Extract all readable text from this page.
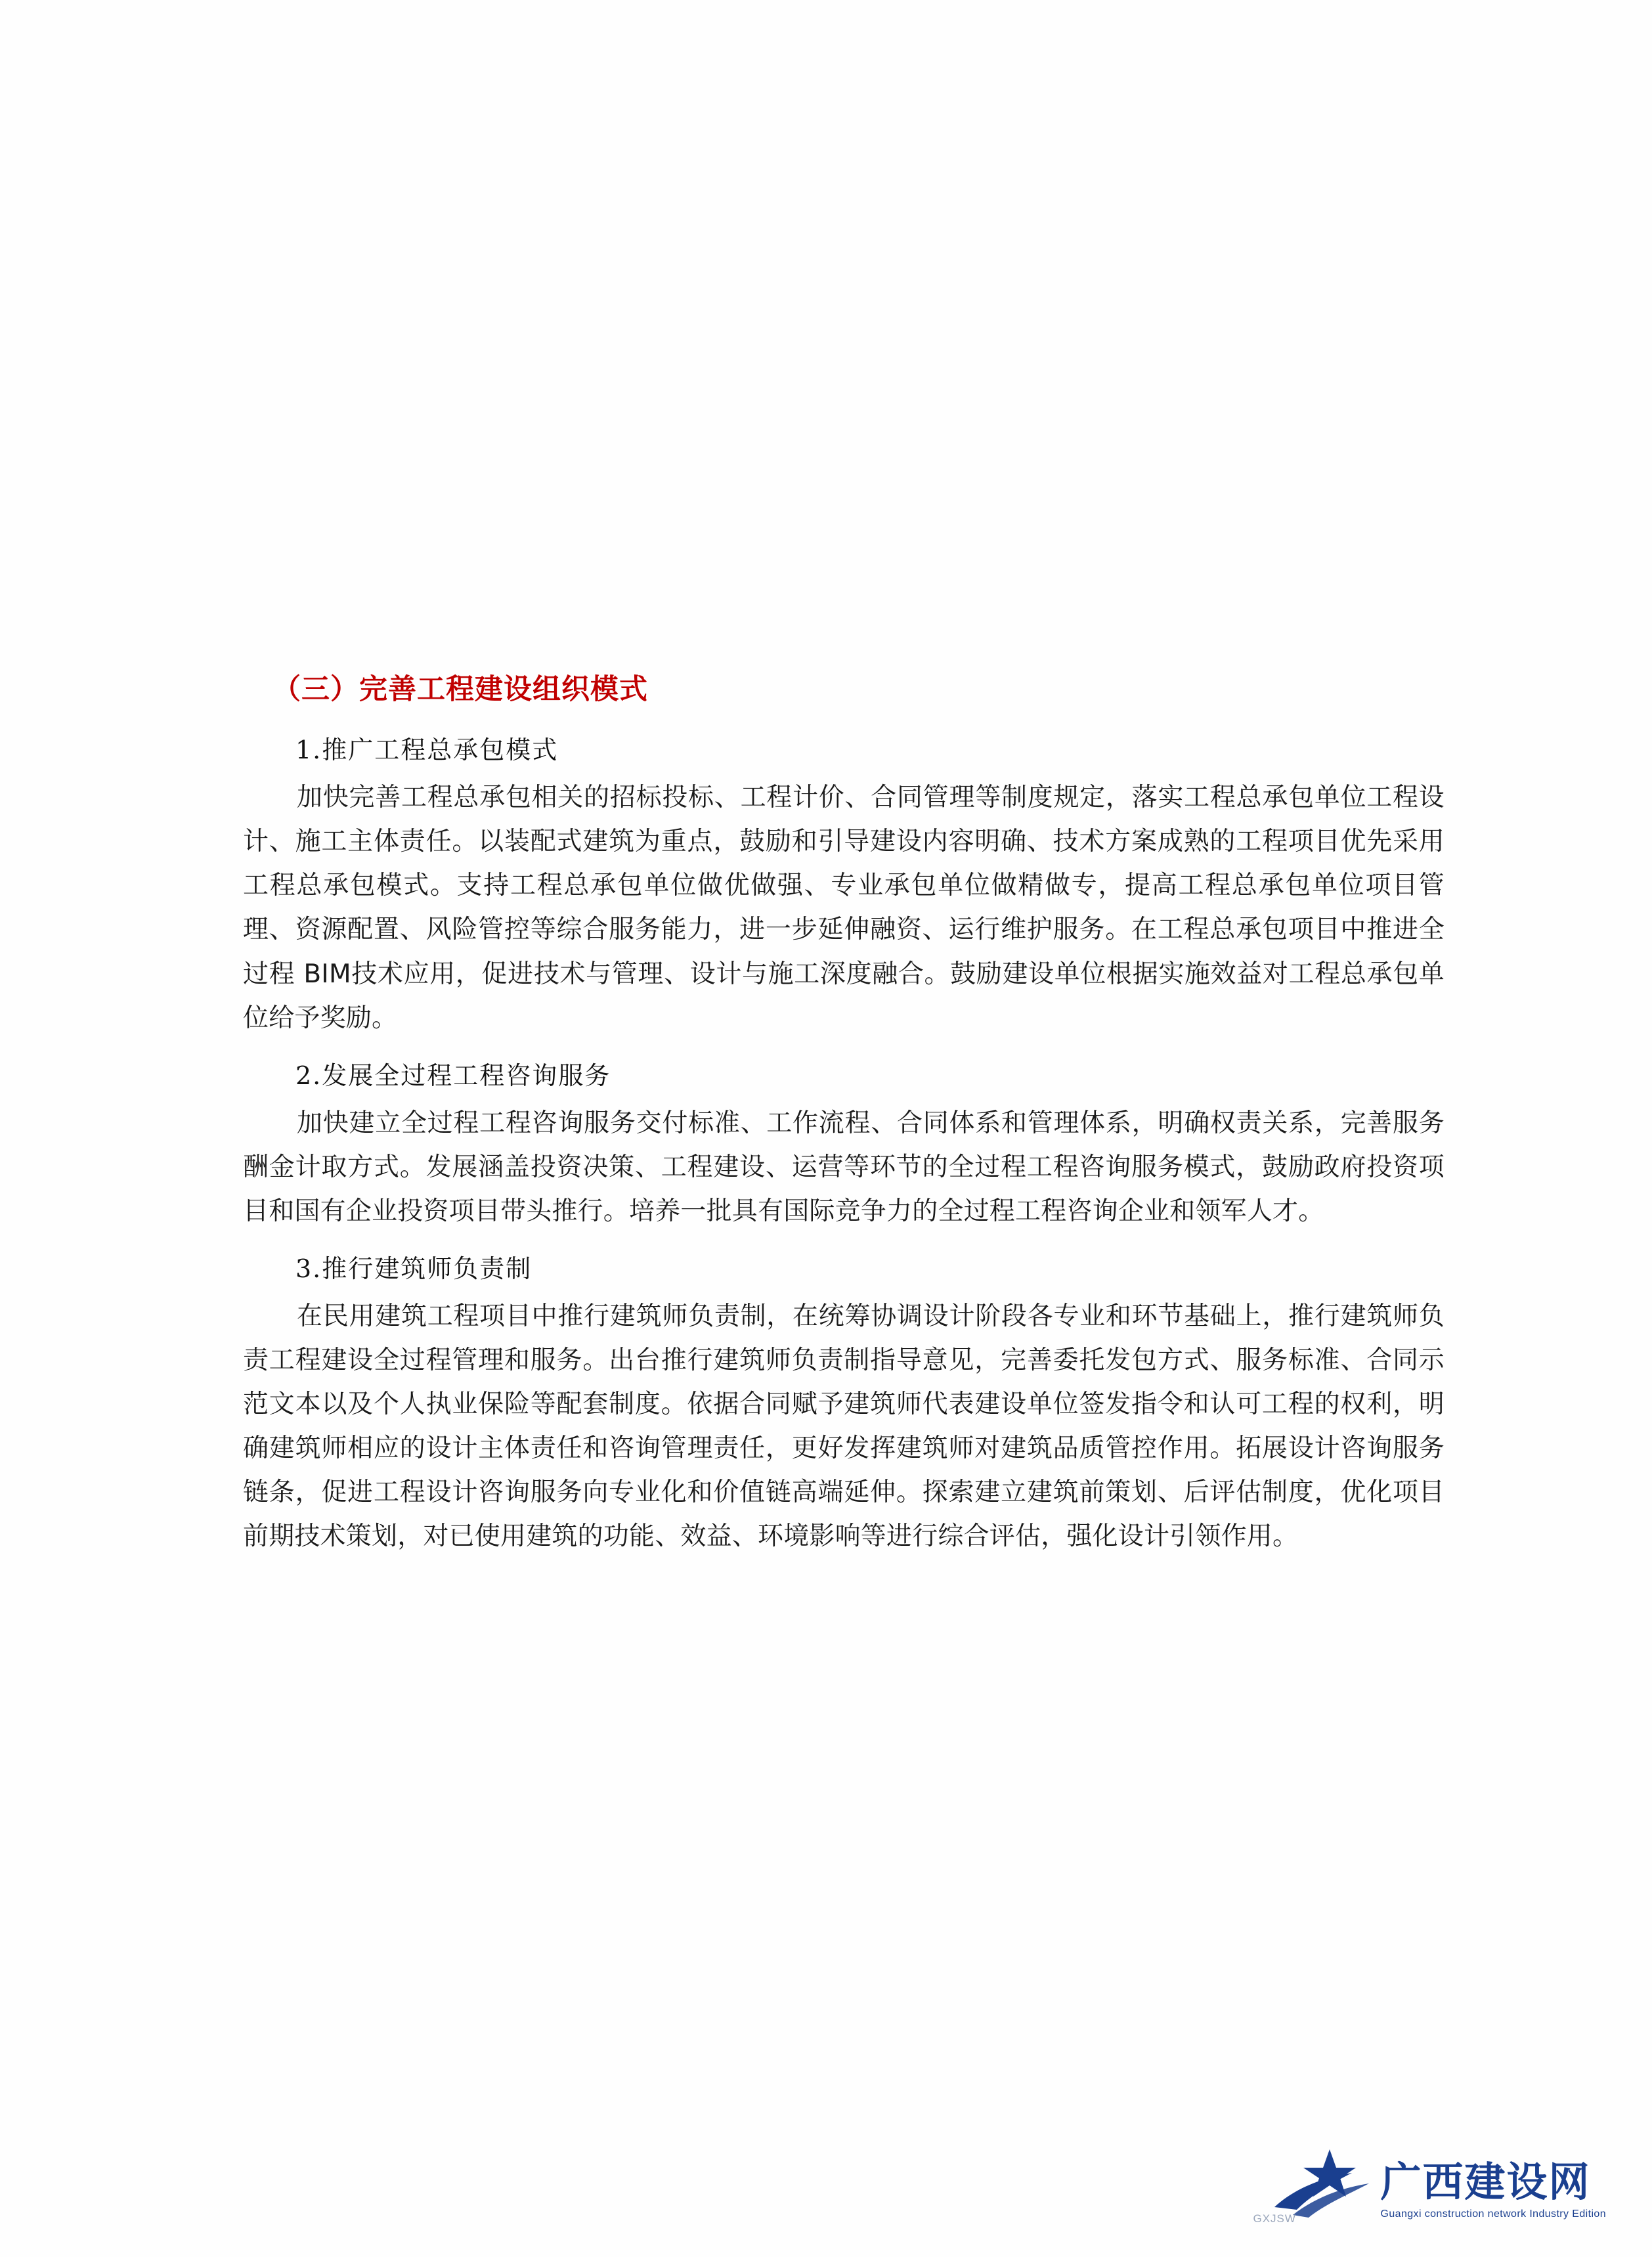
（三）完善工程建设组织模式
1.推广工程总承包模式

加快完善工程总承包相关的招标投标、工程计价、合同管理等制度规定，落实工程总承包单位工程设计、施工主体责任。以装配式建筑为重点，鼓励和引导建设内容明确、技术方案成熟的工程项目优先采用工程总承包模式。支持工程总承包单位做优做强、专业承包单位做精做专，提高工程总承包单位项目管理、资源配置、风险管控等综合服务能力，进一步延伸融资、运行维护服务。在工程总承包项目中推进全过程 BIM技术应用，促进技术与管理、设计与施工深度融合。鼓励建设单位根据实施效益对工程总承包单位给予奖励。

2.发展全过程工程咨询服务

加快建立全过程工程咨询服务交付标准、工作流程、合同体系和管理体系，明确权责关系，完善服务酬金计取方式。发展涵盖投资决策、工程建设、运营等环节的全过程工程咨询服务模式，鼓励政府投资项目和国有企业投资项目带头推行。培养一批具有国际竞争力的全过程工程咨询企业和领军人才。

3.推行建筑师负责制

在民用建筑工程项目中推行建筑师负责制，在统筹协调设计阶段各专业和环节基础上，推行建筑师负责工程建设全过程管理和服务。出台推行建筑师负责制指导意见，完善委托发包方式、服务标准、合同示范文本以及个人执业保险等配套制度。依据合同赋予建筑师代表建设单位签发指令和认可工程的权利，明确建筑师相应的设计主体责任和咨询管理责任，更好发挥建筑师对建筑品质管控作用。拓展设计咨询服务链条，促进工程设计咨询服务向专业化和价值链高端延伸。探索建立建筑前策划、后评估制度，优化项目前期技术策划，对已使用建筑的功能、效益、环境影响等进行综合评估，强化设计引领作用。

GXJSW
广西建设网
Guangxi construction network Industry Edition
